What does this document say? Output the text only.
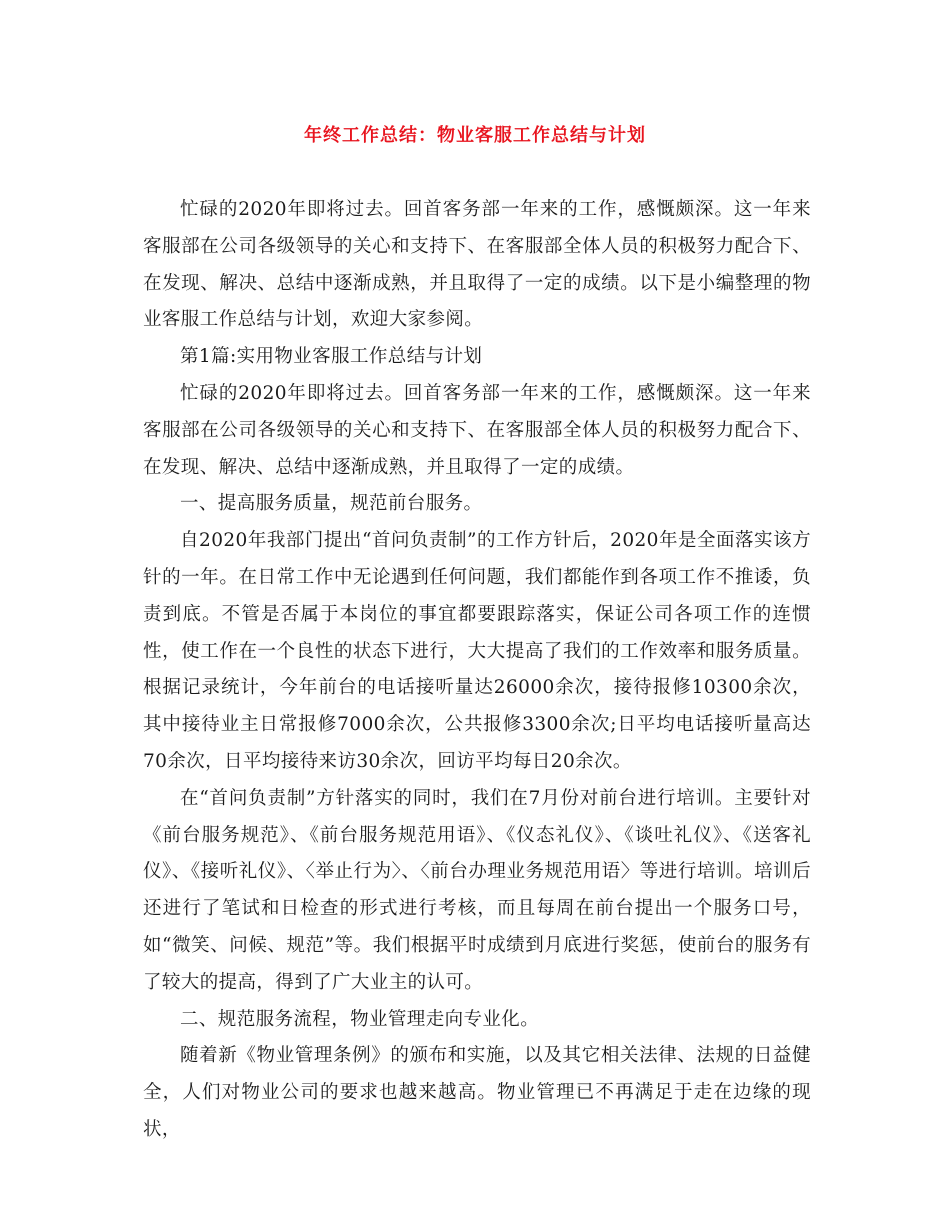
年终工作总结：物业客服工作总结与计划

忙碌的2020年即将过去。回首客务部一年来的工作，感慨颇深。这一年来客服部在公司各级领导的关心和支持下、在客服部全体人员的积极努力配合下、在发现、解决、总结中逐渐成熟，并且取得了一定的成绩。以下是小编整理的物业客服工作总结与计划，欢迎大家参阅。

第1篇:实用物业客服工作总结与计划

忙碌的2020年即将过去。回首客务部一年来的工作，感慨颇深。这一年来客服部在公司各级领导的关心和支持下、在客服部全体人员的积极努力配合下、在发现、解决、总结中逐渐成熟，并且取得了一定的成绩。

一、提高服务质量，规范前台服务。

自2020年我部门提出“首问负责制”的工作方针后，2020年是全面落实该方针的一年。在日常工作中无论遇到任何问题，我们都能作到各项工作不推诿，负责到底。不管是否属于本岗位的事宜都要跟踪落实，保证公司各项工作的连惯性，使工作在一个良性的状态下进行，大大提高了我们的工作效率和服务质量。根据记录统计，今年前台的电话接听量达26000余次，接待报修10300余次，其中接待业主日常报修7000余次，公共报修3300余次;日平均电话接听量高达70余次，日平均接待来访30余次，回访平均每日20余次。

在“首问负责制”方针落实的同时，我们在7月份对前台进行培训。主要针对《前台服务规范》、《前台服务规范用语》、《仪态礼仪》、《谈吐礼仪》、《送客礼仪》、《接听礼仪》、〈举止行为〉、〈前台办理业务规范用语〉等进行培训。培训后还进行了笔试和日检查的形式进行考核，而且每周在前台提出一个服务口号，如“微笑、问候、规范”等。我们根据平时成绩到月底进行奖惩，使前台的服务有了较大的提高，得到了广大业主的认可。

二、规范服务流程，物业管理走向专业化。

随着新《物业管理条例》的颁布和实施，以及其它相关法律、法规的日益健全，人们对物业公司的要求也越来越高。物业管理已不再满足于走在边缘的现状，
